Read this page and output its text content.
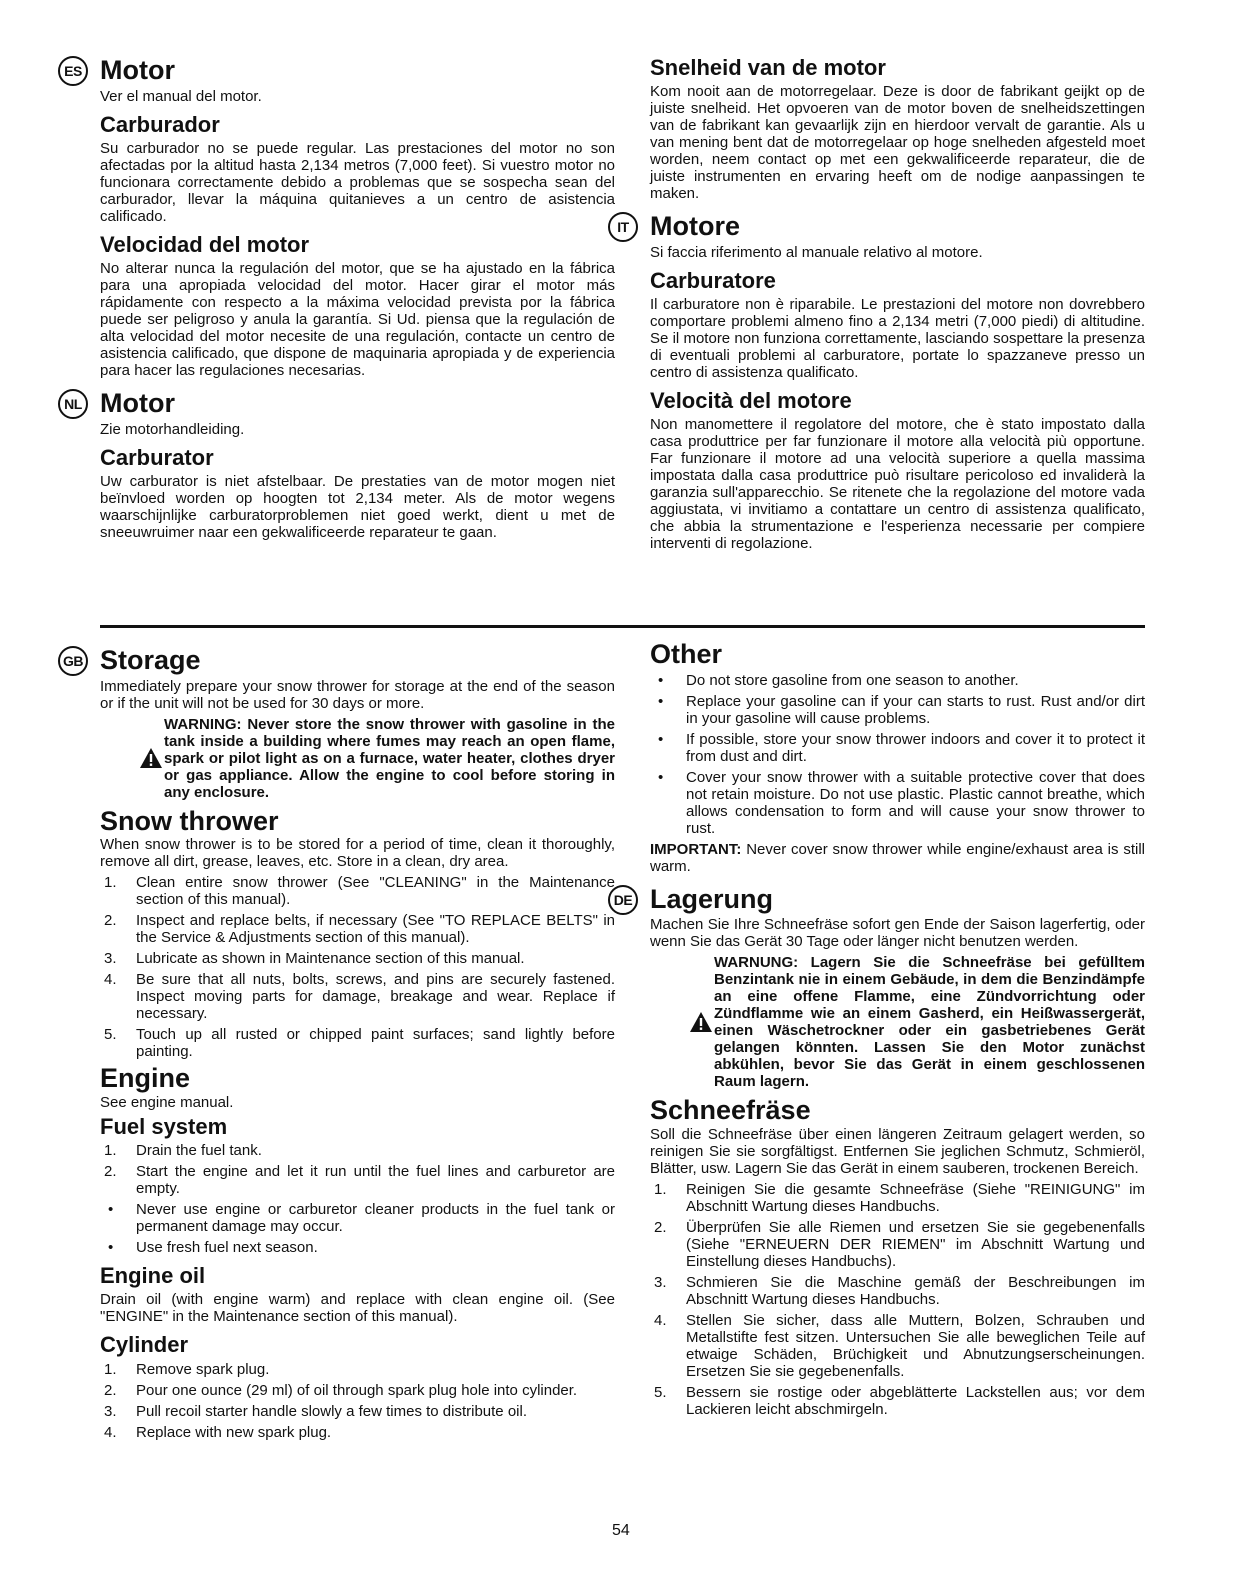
ES Motor

Ver el manual del motor.

Carburador

Su carburador no se puede regular. Las prestaciones del motor no son afectadas por la altitud hasta 2,134 metros (7,000 feet). Si vuestro motor no funcionara correctamente debido a problemas que se sospecha sean del carburador, llevar la máquina quitanieves a un centro de asistencia calificado.

Velocidad del motor

No alterar nunca la regulación del motor, que se ha ajustado en la fábrica para una apropiada velocidad del motor. Hacer girar el motor más rápidamente con respecto a la máxima velocidad prevista por la fábrica puede ser peligroso y anula la garantía. Si Ud. piensa que la regulación de alta velocidad del motor necesite de una regulación, contacte un centro de asistencia calificado, que dispone de maquinaria apropiada y de experiencia para hacer las regulaciones necesarias.

NL Motor

Zie motorhandleiding.

Carburator

Uw carburator is niet afstelbaar. De prestaties van de motor mogen niet beïnvloed worden op hoogten tot 2,134 meter. Als de motor wegens waarschijnlijke carburatorproblemen niet goed werkt, dient u met de sneeuwruimer naar een gekwalificeerde reparateur te gaan.

Snelheid van de motor

Kom nooit aan de motorregelaar. Deze is door de fabrikant geijkt op de juiste snelheid. Het opvoeren van de motor boven de snelheidszettingen van de fabrikant kan gevaarlijk zijn en hierdoor vervalt de garantie. Als u van mening bent dat de motorregelaar op hoge snelheden afgesteld moet worden, neem contact op met een gekwalificeerde reparateur, die de juiste instrumenten en ervaring heeft om de nodige aanpassingen te maken.

IT Motore

Si faccia riferimento al manuale relativo al motore.

Carburatore

Il carburatore non è riparabile. Le prestazioni del motore non dovrebbero comportare problemi almeno fino a 2,134 metri (7,000 piedi) di altitudine. Se il motore non funziona correttamente, lasciando sospettare la presenza di eventuali problemi al carburatore, portate lo spazzaneve presso un centro di assistenza qualificato.

Velocità del motore

Non manomettere il regolatore del motore, che è stato impostato dalla casa produttrice per far funzionare il motore alla velocità più opportune. Far funzionare il motore ad una velocità superiore a quella massima impostata dalla casa produttrice può risultare pericoloso ed invaliderà la garanzia sull'apparecchio. Se ritenete che la regolazione del motore vada aggiustata, vi invitiamo a contattare un centro di assistenza qualificato, che abbia la strumentazione e l'esperienza necessarie per compiere interventi di regolazione.

GB Storage

Immediately prepare your snow thrower for storage at the end of the season or if the unit will not be used for 30 days or more.

WARNING: Never store the snow thrower with gasoline in the tank inside a building where fumes may reach an open flame, spark or pilot light as on a furnace, water heater, clothes dryer or gas appliance. Allow the engine to cool before storing in any enclosure.

Snow thrower

When snow thrower is to be stored for a period of time, clean it thoroughly, remove all dirt, grease, leaves, etc. Store in a clean, dry area.

1. Clean entire snow thrower (See "CLEANING" in the Maintenance section of this manual).
2. Inspect and replace belts, if necessary (See "TO REPLACE BELTS" in the Service & Adjustments section of this manual).
3. Lubricate as shown in Maintenance section of this manual.
4. Be sure that all nuts, bolts, screws, and pins are securely fastened. Inspect moving parts for damage, breakage and wear. Replace if necessary.
5. Touch up all rusted or chipped paint surfaces; sand lightly before painting.
Engine

See engine manual.

Fuel system
1. Drain the fuel tank.
2. Start the engine and let it run until the fuel lines and carburetor are empty.
• Never use engine or carburetor cleaner products in the fuel tank or permanent damage may occur.
• Use fresh fuel next season.
Engine oil

Drain oil (with engine warm) and replace with clean engine oil. (See "ENGINE" in the Maintenance section of this manual).

Cylinder
1. Remove spark plug.
2. Pour one ounce (29 ml) of oil through spark plug hole into cylinder.
3. Pull recoil starter handle slowly a few times to distribute oil.
4. Replace with new spark plug.
Other
• Do not store gasoline from one season to another.
• Replace your gasoline can if your can starts to rust. Rust and/or dirt in your gasoline will cause problems.
• If possible, store your snow thrower indoors and cover it to protect it from dust and dirt.
• Cover your snow thrower with a suitable protective cover that does not retain moisture. Do not use plastic. Plastic cannot breathe, which allows condensation to form and will cause your snow thrower to rust.

IMPORTANT: Never cover snow thrower while engine/exhaust area is still warm.

DE Lagerung

Machen Sie Ihre Schneefräse sofort gen Ende der Saison lagerfertig, oder wenn Sie das Gerät 30 Tage oder länger nicht benutzen werden.

WARNUNG: Lagern Sie die Schneefräse bei gefülltem Benzintank nie in einem Gebäude, in dem die Benzindämpfe an eine offene Flamme, eine Zündvorrichtung oder Zündflamme wie an einem Gasherd, ein Heißwassergerät, einen Wäschetrockner oder ein gasbetriebenes Gerät gelangen könnten. Lassen Sie den Motor zunächst abkühlen, bevor Sie das Gerät in einem geschlossenen Raum lagern.

Schneefräse

Soll die Schneefräse über einen längeren Zeitraum gelagert werden, so reinigen Sie sie sorgfältigst. Entfernen Sie jeglichen Schmutz, Schmieröl, Blätter, usw. Lagern Sie das Gerät in einem sauberen, trockenen Bereich.

1. Reinigen Sie die gesamte Schneefräse (Siehe "REINIGUNG" im Abschnitt Wartung dieses Handbuchs.
2. Überprüfen Sie alle Riemen und ersetzen Sie sie gegebenenfalls (Siehe "ERNEUERN DER RIEMEN" im Abschnitt Wartung und Einstellung dieses Handbuchs).
3. Schmieren Sie die Maschine gemäß der Beschreibungen im Abschnitt Wartung dieses Handbuchs.
4. Stellen Sie sicher, dass alle Muttern, Bolzen, Schrauben und Metallstifte fest sitzen. Untersuchen Sie alle beweglichen Teile auf etwaige Schäden, Brüchigkeit und Abnutzungserscheinungen. Ersetzen Sie sie gegebenenfalls.
5. Bessern sie rostige oder abgeblätterte Lackstellen aus; vor dem Lackieren leicht abschmirgeln.
54
